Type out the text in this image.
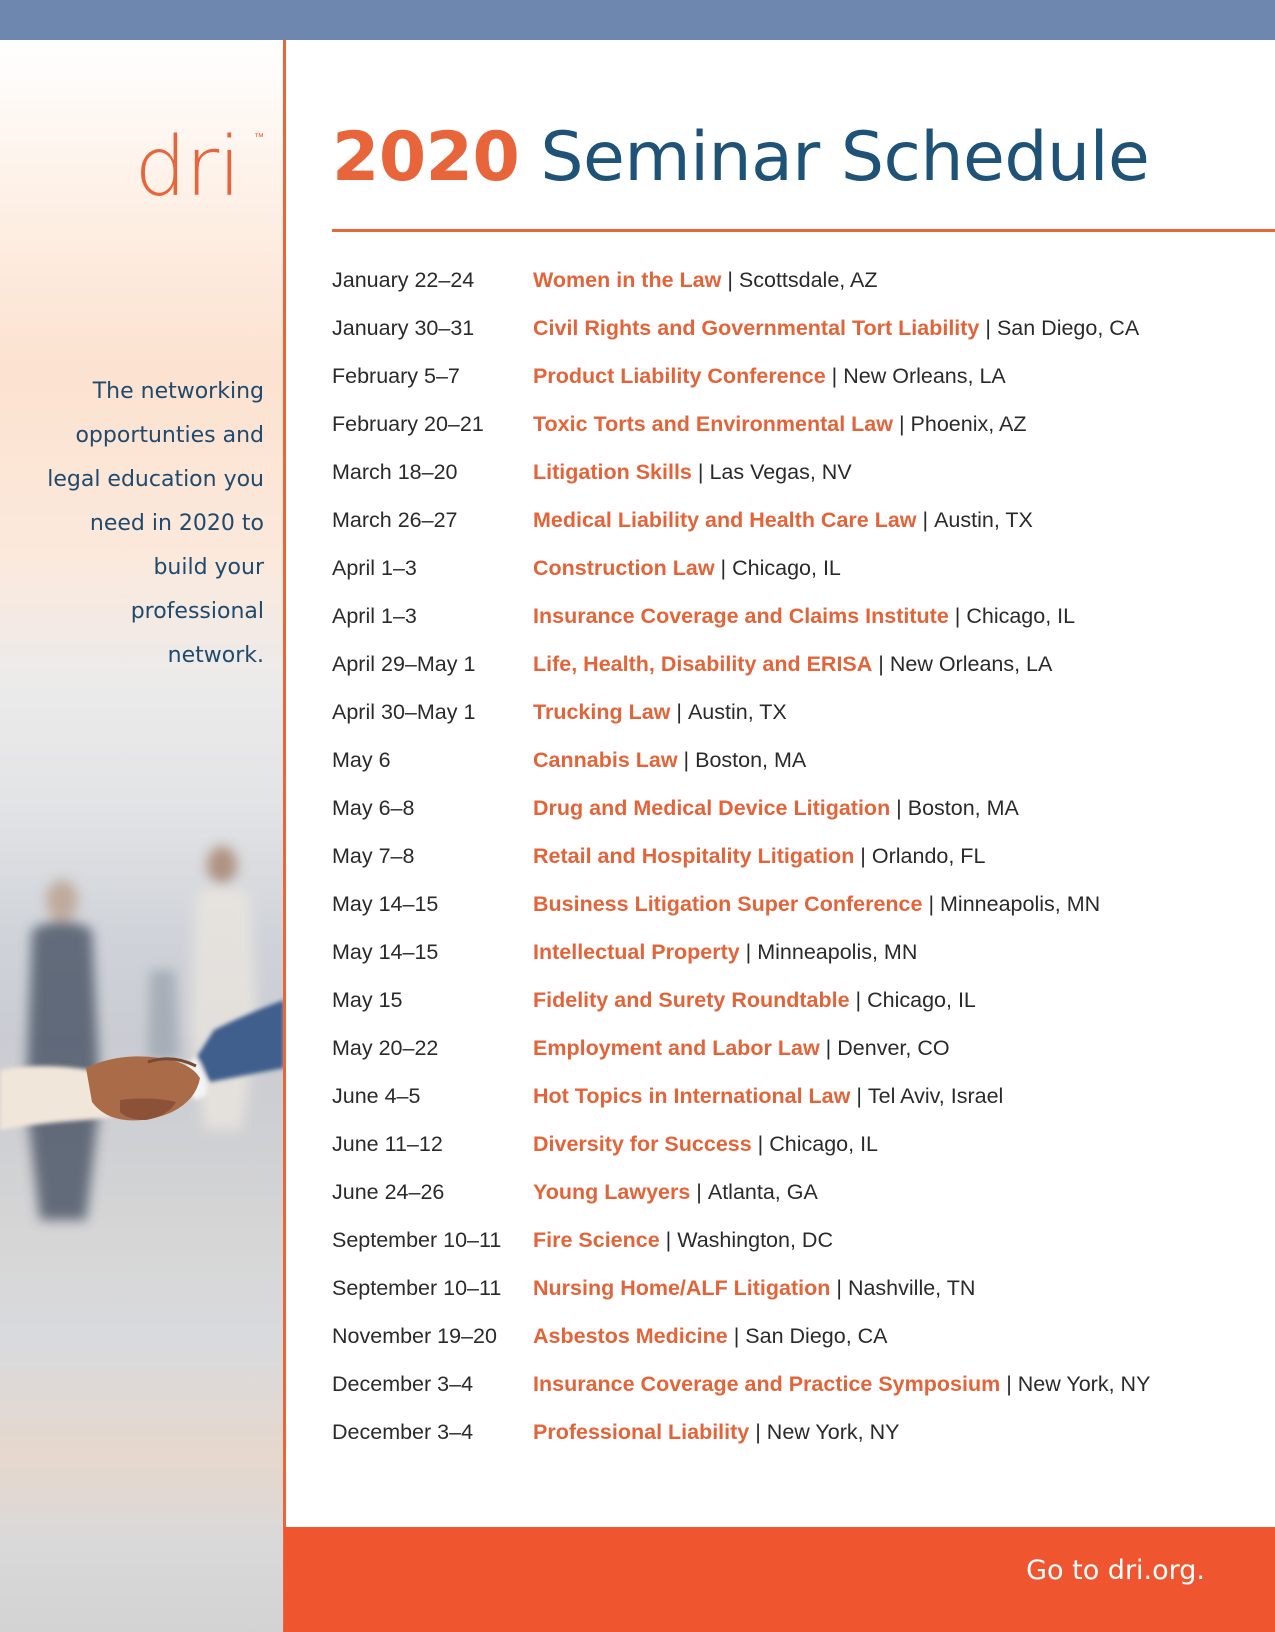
dri ™
The networking opportunties and legal education you need in 2020 to build your professional network.
2020 Seminar Schedule
January 22–24	Women in the Law | Scottsdale, AZ
January 30–31	Civil Rights and Governmental Tort Liability | San Diego, CA
February 5–7	Product Liability Conference | New Orleans, LA
February 20–21	Toxic Torts and Environmental Law | Phoenix, AZ
March 18–20	Litigation Skills | Las Vegas, NV
March 26–27	Medical Liability and Health Care Law | Austin, TX
April 1–3	Construction Law | Chicago, IL
April 1–3	Insurance Coverage and Claims Institute | Chicago, IL
April 29–May 1	Life, Health, Disability and ERISA | New Orleans, LA
April 30–May 1	Trucking Law | Austin, TX
May 6	Cannabis Law | Boston, MA
May 6–8	Drug and Medical Device Litigation | Boston, MA
May 7–8	Retail and Hospitality Litigation | Orlando, FL
May 14–15	Business Litigation Super Conference | Minneapolis, MN
May 14–15	Intellectual Property | Minneapolis, MN
May 15	Fidelity and Surety Roundtable | Chicago, IL
May 20–22	Employment and Labor Law | Denver, CO
June 4–5	Hot Topics in International Law | Tel Aviv, Israel
June 11–12	Diversity for Success | Chicago, IL
June 24–26	Young Lawyers | Atlanta, GA
September 10–11	Fire Science | Washington, DC
September 10–11	Nursing Home/ALF Litigation | Nashville, TN
November 19–20	Asbestos Medicine | San Diego, CA
December 3–4	Insurance Coverage and Practice Symposium | New York, NY
December 3–4	Professional Liability | New York, NY
Go to dri.org.
